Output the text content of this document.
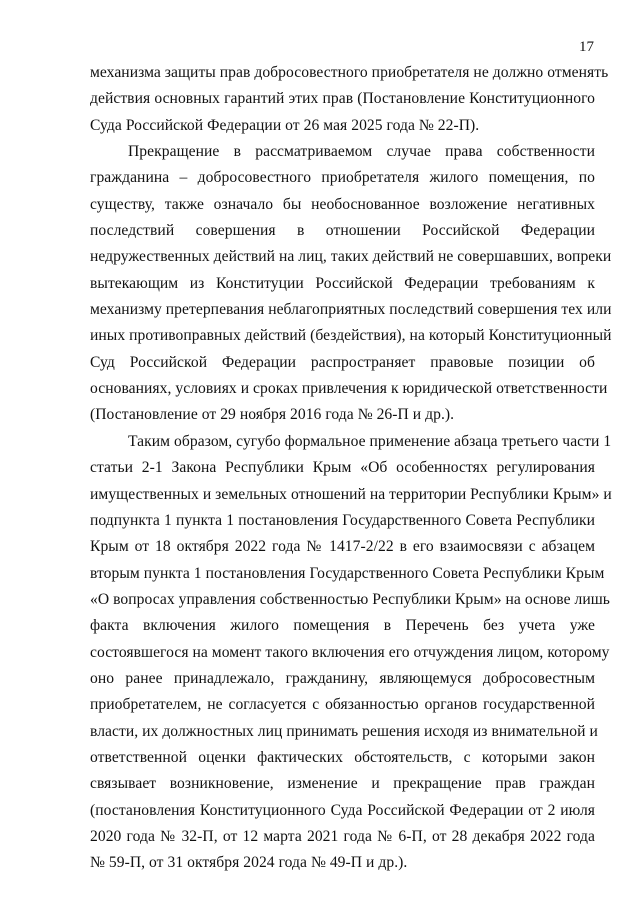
17

механизма защиты прав добросовестного приобретателя не должно отменять
действия основных гарантий этих прав (Постановление Конституционного
Суда Российской Федерации от 26 мая 2025 года № 22-П).

Прекращение в рассматриваемом случае права собственности
гражданина – добросовестного приобретателя жилого помещения, по
существу, также означало бы необоснованное возложение негативных
последствий совершения в отношении Российской Федерации
недружественных действий на лиц, таких действий не совершавших, вопреки
вытекающим из Конституции Российской Федерации требованиям к
механизму претерпевания неблагоприятных последствий совершения тех или
иных противоправных действий (бездействия), на который Конституционный
Суд Российской Федерации распространяет правовые позиции об
основаниях, условиях и сроках привлечения к юридической ответственности
(Постановление от 29 ноября 2016 года № 26-П и др.).

Таким образом, сугубо формальное применение абзаца третьего части 1
статьи 2-1 Закона Республики Крым «Об особенностях регулирования
имущественных и земельных отношений на территории Республики Крым» и
подпункта 1 пункта 1 постановления Государственного Совета Республики
Крым от 18 октября 2022 года № 1417-2/22 в его взаимосвязи с абзацем
вторым пункта 1 постановления Государственного Совета Республики Крым
«О вопросах управления собственностью Республики Крым» на основе лишь
факта включения жилого помещения в Перечень без учета уже
состоявшегося на момент такого включения его отчуждения лицом, которому
оно ранее принадлежало, гражданину, являющемуся добросовестным
приобретателем, не согласуется с обязанностью органов государственной
власти, их должностных лиц принимать решения исходя из внимательной и
ответственной оценки фактических обстоятельств, с которыми закон
связывает возникновение, изменение и прекращение прав граждан
(постановления Конституционного Суда Российской Федерации от 2 июля
2020 года № 32-П, от 12 марта 2021 года № 6-П, от 28 декабря 2022 года
№ 59-П, от 31 октября 2024 года № 49-П и др.).
